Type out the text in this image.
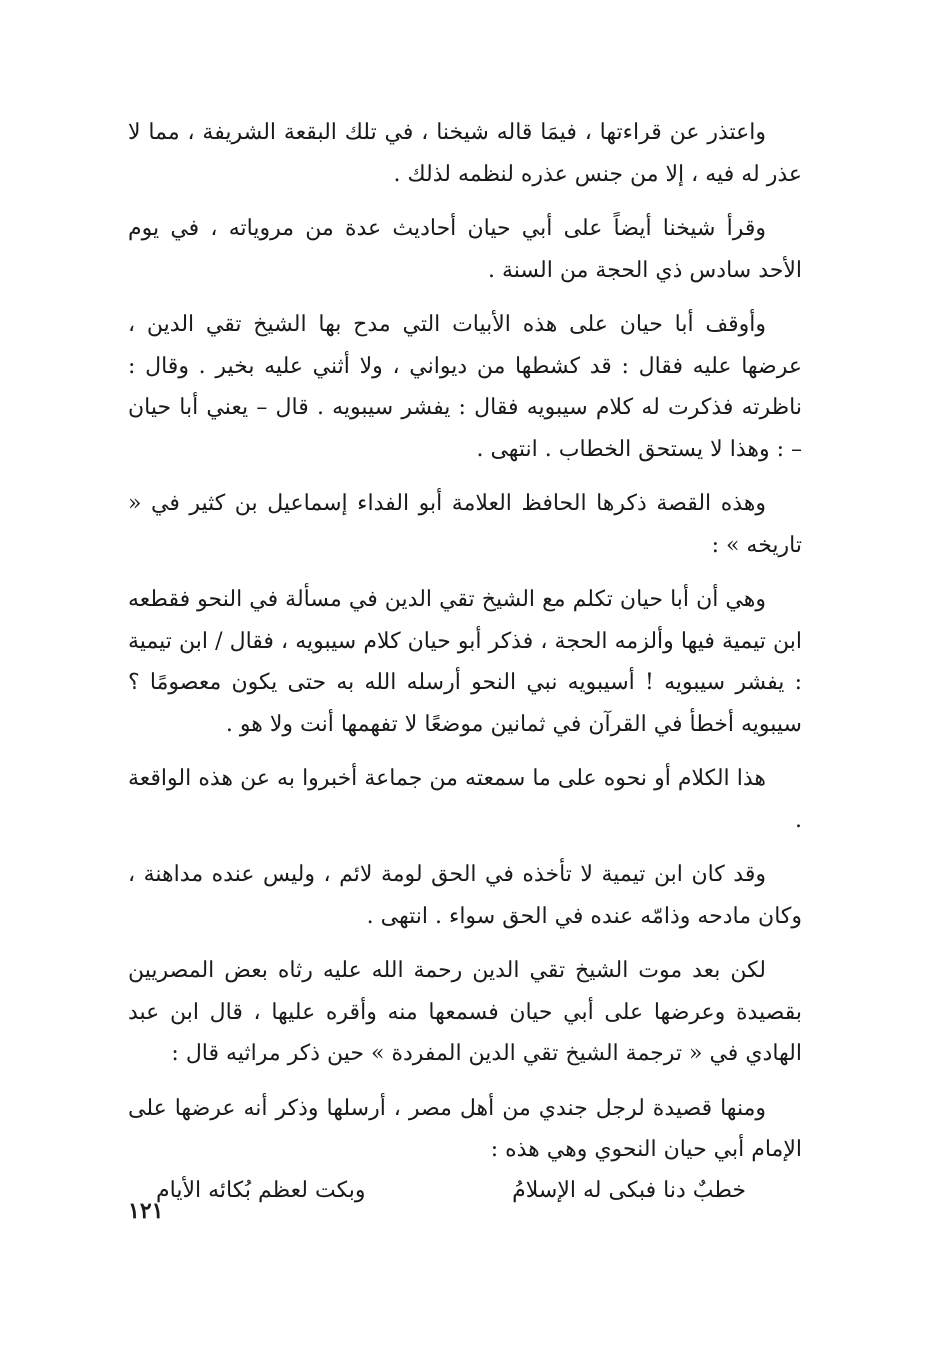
واعتذر عن قراءتها ، فيمَا قاله شيخنا ، في تلك البقعة الشريفة ، مما لا عذر له فيه ، إلا من جنس عذره لنظمه لذلك .

وقرأ شيخنا أيضاً على أبي حيان أحاديث عدة من مروياته ، في يوم الأحد سادس ذي الحجة من السنة .

وأوقف أبا حيان على هذه الأبيات التي مدح بها الشيخ تقي الدين ، عرضها عليه فقال : قد كشطها من ديواني ، ولا أثني عليه بخير . وقال : ناظرته فذكرت له كلام سيبويه فقال : يفشر سيبويه . قال – يعني أبا حيان – : وهذا لا يستحق الخطاب . انتهى .

وهذه القصة ذكرها الحافظ العلامة أبو الفداء إسماعيل بن كثير في « تاريخه » :

وهي أن أبا حيان تكلم مع الشيخ تقي الدين في مسألة في النحو فقطعه ابن تيمية فيها وألزمه الحجة ، فذكر أبو حيان كلام سيبويه ، فقال / ابن تيمية : يفشر سيبويه ! أسيبويه نبي النحو أرسله الله به حتى يكون معصومًا ؟ سيبويه أخطأ في القرآن في ثمانين موضعًا لا تفهمها أنت ولا هو .

هذا الكلام أو نحوه على ما سمعته من جماعة أخبروا به عن هذه الواقعة .

وقد كان ابن تيمية لا تأخذه في الحق لومة لائم ، وليس عنده مداهنة ، وكان مادحه وذامّه عنده في الحق سواء . انتهى .

لكن بعد موت الشيخ تقي الدين رحمة الله عليه رثاه بعض المصريين بقصيدة وعرضها على أبي حيان فسمعها منه وأقره عليها ، قال ابن عبد الهادي في « ترجمة الشيخ تقي الدين المفردة » حين ذكر مراثيه قال :

ومنها قصيدة لرجل جندي من أهل مصر ، أرسلها وذكر أنه عرضها على الإمام أبي حيان النحوي وهي هذه :

خطبٌ دنا فبكى له الإسلامُ
وبكت لعظم بُكائه الأيام
١٢١
